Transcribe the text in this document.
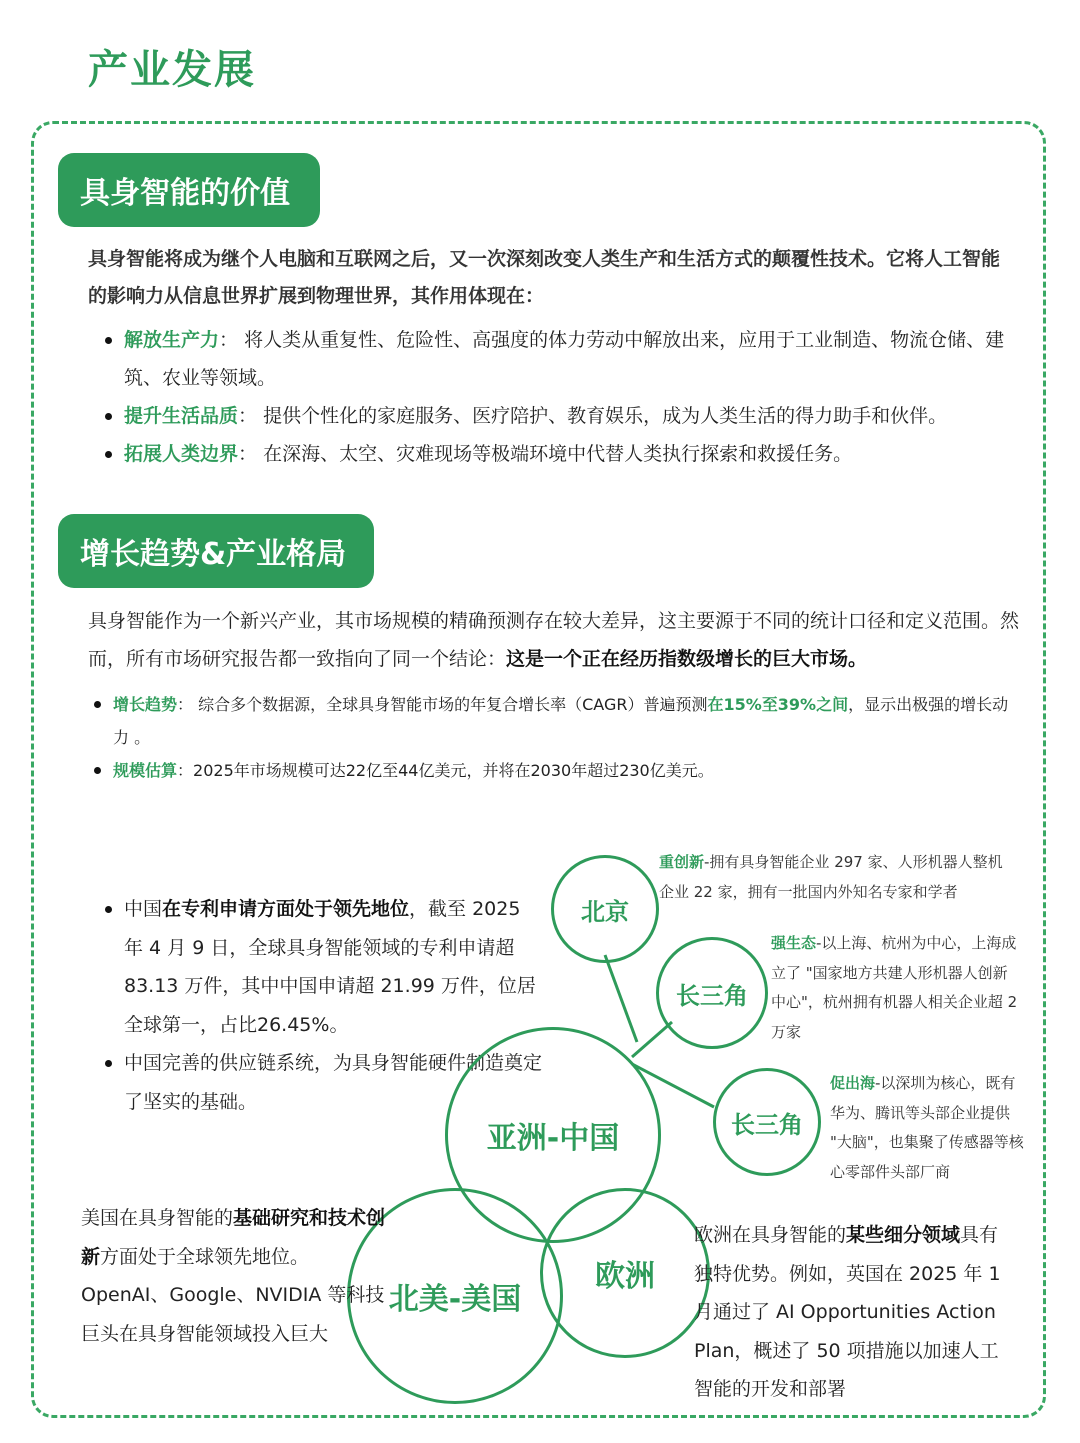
产业发展
具身智能的价值
具身智能将成为继个人电脑和互联网之后，又一次深刻改变人类生产和生活方式的颠覆性技术。它将人工智能的影响力从信息世界扩展到物理世界，其作用体现在：
解放生产力： 将人类从重复性、危险性、高强度的体力劳动中解放出来，应用于工业制造、物流仓储、建筑、农业等领域。
提升生活品质： 提供个性化的家庭服务、医疗陪护、教育娱乐，成为人类生活的得力助手和伙伴。
拓展人类边界： 在深海、太空、灾难现场等极端环境中代替人类执行探索和救援任务。
增长趋势&产业格局
具身智能作为一个新兴产业，其市场规模的精确预测存在较大差异，这主要源于不同的统计口径和定义范围。然而，所有市场研究报告都一致指向了同一个结论：这是一个正在经历指数级增长的巨大市场。
增长趋势： 综合多个数据源，全球具身智能市场的年复合增长率（CAGR）普遍预测在15%至39%之间，显示出极强的增长动力 。
规模估算：2025年市场规模可达22亿至44亿美元，并将在2030年超过230亿美元。
中国在专利申请方面处于领先地位，截至 2025 年 4 月 9 日，全球具身智能领域的专利申请超 83.13 万件，其中中国申请超 21.99 万件，位居全球第一，占比26.45%。
中国完善的供应链系统，为具身智能硬件制造奠定了坚实的基础。
亚洲-中国
北京
长三角
长三角
北美-美国
欧洲
重创新-拥有具身智能企业 297 家、人形机器人整机企业 22 家，拥有一批国内外知名专家和学者
强生态-以上海、杭州为中心，上海成立了 "国家地方共建人形机器人创新中心"，杭州拥有机器人相关企业超 2 万家
促出海-以深圳为核心，既有华为、腾讯等头部企业提供 "大脑"，也集聚了传感器等核心零部件头部厂商
美国在具身智能的基础研究和技术创新方面处于全球领先地位。OpenAI、Google、NVIDIA 等科技巨头在具身智能领域投入巨大
欧洲在具身智能的某些细分领域具有独特优势。例如，英国在 2025 年 1 月通过了 AI Opportunities Action Plan，概述了 50 项措施以加速人工智能的开发和部署
